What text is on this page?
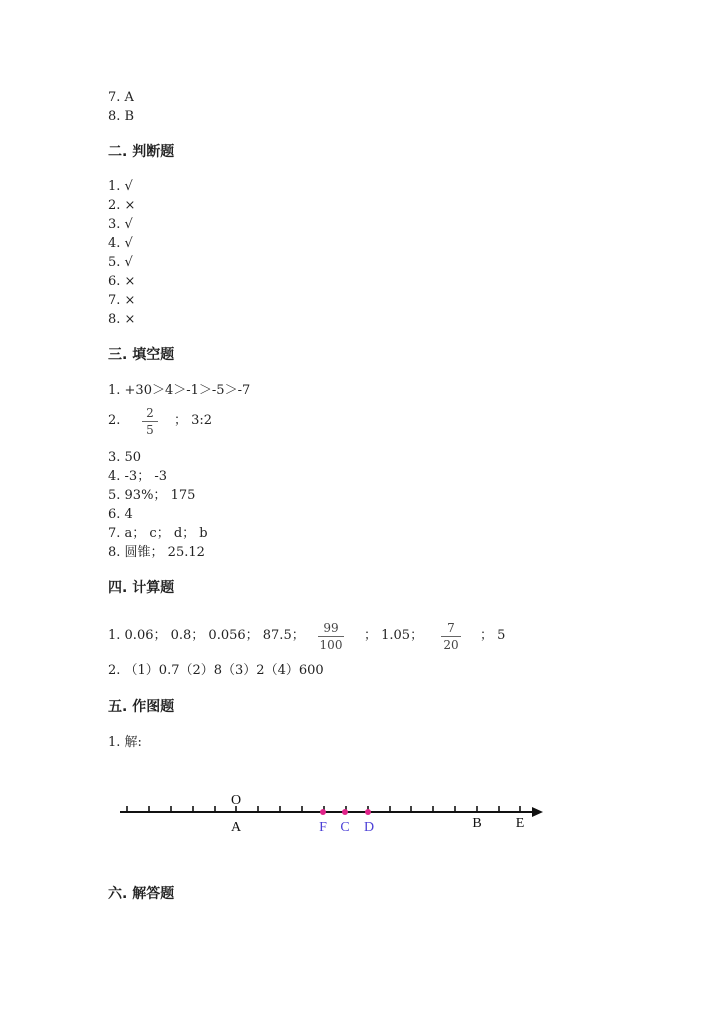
7. A
8. B
二. 判断题
1. √
2. ×
3. √
4. √
5. √
6. ×
7. ×
8. ×
三. 填空题
1. +30＞4＞-1＞-5＞-7
2. 2
5
； 3:2
3. 50
4. -3； -3
5. 93%； 175
6. 4
7. a； c； d； b
8. 圆锥； 25.12
四. 计算题
1. 0.06； 0.8； 0.056； 87.5； 99
100
； 1.05； 7
20
； 5
2. （1）0.7（2）8（3）2（4）600
五. 作图题
1. 解:
O
A	F C D	B E
六. 解答题
